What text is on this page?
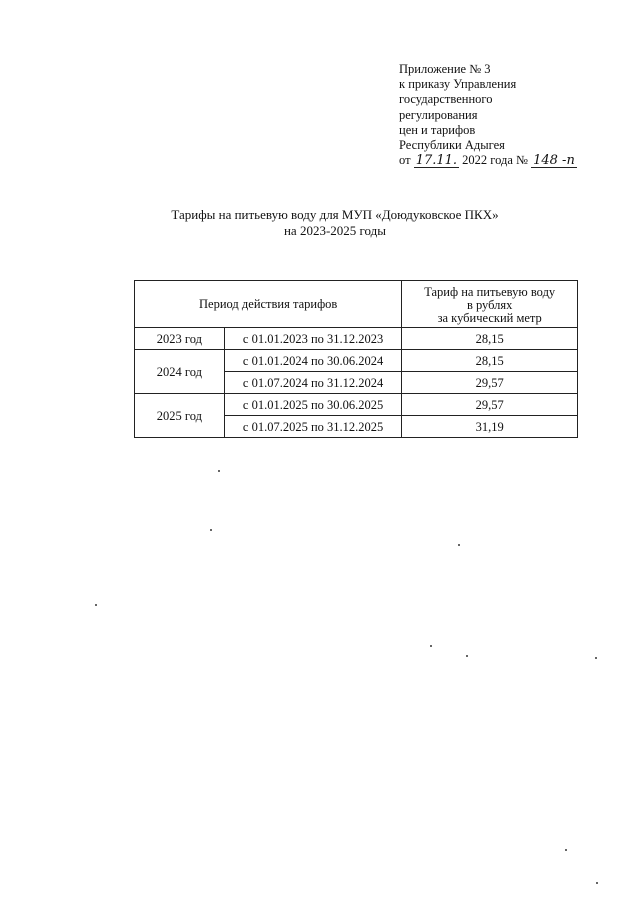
Приложение № 3
к приказу Управления
государственного
регулирования
цен и тарифов
Республики Адыгея
от 17.11. 2022 года № 148 -п
Тарифы на питьевую воду для МУП «Доюдуковское ПКХ»
на 2023-2025 годы
Период действия тарифов		Тариф на питьевую воду
в рублях
за кубический метр

2023 год	с 01.01.2023 по 31.12.2023	28,15
2024 год	с 01.01.2024 по 30.06.2024	28,15
	с 01.07.2024 по 31.12.2024	29,57
2025 год	с 01.01.2025 по 30.06.2025	29,57
	с 01.07.2025 по 31.12.2025	31,19
